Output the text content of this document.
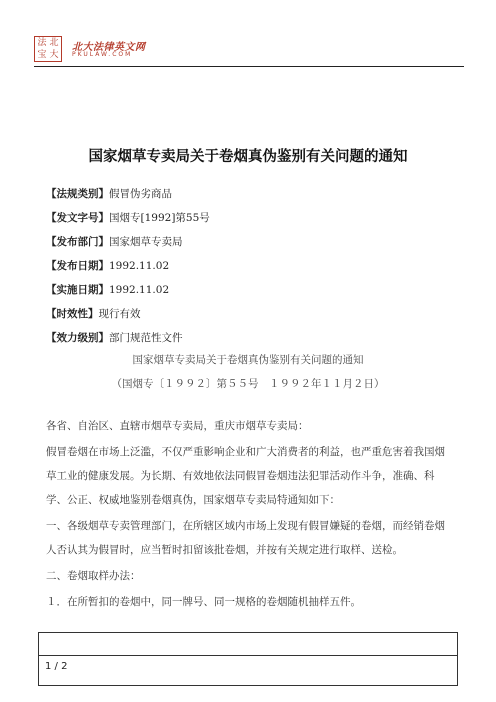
法 北
宝 大
北大法律英文网
PKULAW.COM
国家烟草专卖局关于卷烟真伪鉴别有关问题的通知
【法规类别】假冒伪劣商品
【发文字号】国烟专[1992]第55号
【发布部门】国家烟草专卖局
【发布日期】1992.11.02
【实施日期】1992.11.02
【时效性】现行有效
【效力级别】部门规范性文件
国家烟草专卖局关于卷烟真伪鉴别有关问题的通知
（国烟专〔１９９２〕第５５号　１９９２年１１月２日）
各省、自治区、直辖市烟草专卖局，重庆市烟草专卖局：
假冒卷烟在市场上泛滥，不仅严重影响企业和广大消费者的利益，也严重危害着我国烟
草工业的健康发展。为长期、有效地依法同假冒卷烟违法犯罪活动作斗争，准确、科
学、公正、权威地鉴别卷烟真伪，国家烟草专卖局特通知如下：
一、各级烟草专卖管理部门，在所辖区域内市场上发现有假冒嫌疑的卷烟，而经销卷烟
人否认其为假冒时，应当暂时扣留该批卷烟，并按有关规定进行取样、送检。
二、卷烟取样办法：
１．在所暂扣的卷烟中，同一牌号、同一规格的卷烟随机抽样五件。
1 / 2
